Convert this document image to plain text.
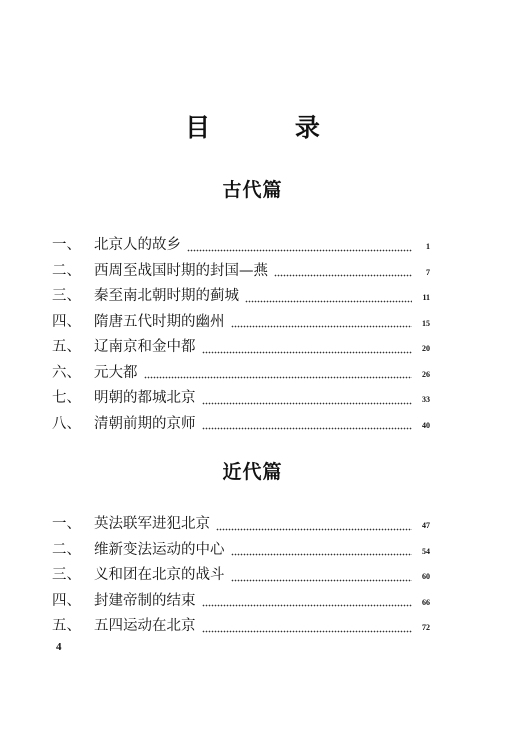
目 录
古代篇
一、 北京人的故乡	1
二、 西周至战国时期的封国—燕	7
三、 秦至南北朝时期的蓟城	11
四、 隋唐五代时期的幽州	15
五、 辽南京和金中都	20
六、 元大都	26
七、 明朝的都城北京	33
八、 清朝前期的京师	40
近代篇
一、 英法联军进犯北京	47
二、 维新变法运动的中心	54
三、 义和团在北京的战斗	60
四、 封建帝制的结束	66
五、 五四运动在北京	72
4
